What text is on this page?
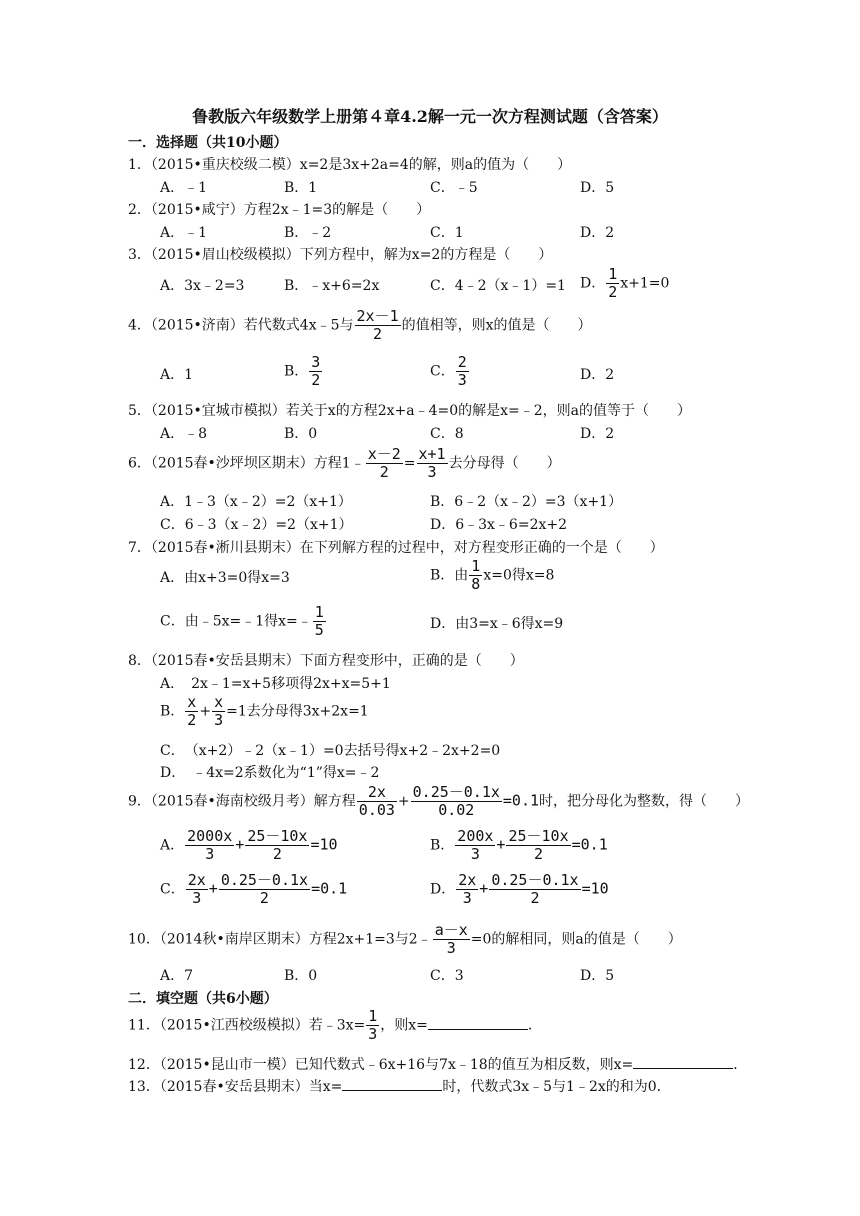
鲁教版六年级数学上册第４章4.2解一元一次方程测试题（含答案）
一．选择题（共10小题）
1．（2015•重庆校级二模）x=2是3x+2a=4的解，则a的值为（　　）
A．﹣1	B．1	C．﹣5	D．5
2．（2015•咸宁）方程2x﹣1=3的解是（　　）
A．﹣1	B．﹣2	C．1	D．2
3．（2015•眉山校级模拟）下列方程中，解为x=2的方程是（　　）
A．3x﹣2=3	B．﹣x+6=2x	C．4﹣2（x﹣1）=1 D． $\frac{1}{2} x+1=0$
4．（2015•济南）若代数式4x﹣5与 $\frac{2x-1}{2}$ 的值相等，则x的值是（　　）
A．1	B． $\frac{3}{2}$	C． $\frac{2}{3}$	D．2
5．（2015•宜城市模拟）若关于x的方程2x+a﹣4=0的解是x=﹣2，则a的值等于（　　）
A．﹣8	B．0	C．8	D．2
6．（2015春•沙坪坝区期末）方程1﹣ $\frac{x-2}{2} = \frac{x+1}{3}$ 去分母得（　　）
A．1﹣3（x﹣2）=2（x+1）	B．6﹣2（x﹣2）=3（x+1）
C．6﹣3（x﹣2）=2（x+1）	D．6﹣3x﹣6=2x+2
7．（2015春•淅川县期末）在下列解方程的过程中，对方程变形正确的一个是（　　）
A．由x+3=0得x=3	B．由 $\frac{1}{8} x=0$得x=8
C．由﹣5x=﹣1得x=﹣ $\frac{1}{5}$	D．由3=x﹣6得x=9
8．（2015春•安岳县期末）下面方程变形中，正确的是（　　）
A．　2x﹣1=x+5移项得2x+x=5+1
B． $\frac{x}{2} + \frac{x}{3} =1$去分母得3x+2x=1
C．　（x+2）﹣2（x﹣1）=0去括号得x+2﹣2x+2=0
D．　﹣4x=2系数化为“1”得x=﹣2
9．（2015春•海南校级月考）解方程 $\frac{2x}{0.03} + \frac{0.25-0.1x}{0.02} =0.1$时，把分母化为整数，得（　　）
A． $\frac{2000x}{3} + \frac{25-10x}{2} =10$	B． $\frac{200x}{3} + \frac{25-10x}{2} =0.1$
C． $\frac{2x}{3} + \frac{0.25-0.1x}{2} =0.1$	D． $\frac{2x}{3} + \frac{0.25-0.1x}{2} =10$
10．（2014秋•南岸区期末）方程2x+1=3与2﹣ $\frac{a-x}{3} =0$的解相同，则a的值是（　　）
A．7	B．0	C．3	D．5
二．填空题（共6小题）
11．（2015•江西校级模拟）若﹣3x= $\frac{1}{3}$ ，则x=	．
12．（2015•昆山市一模）已知代数式﹣6x+16与7x﹣18的值互为相反数，则x=	．
13．（2015春•安岳县期末）当x=	时，代数式3x﹣5与1﹣2x的和为0．
